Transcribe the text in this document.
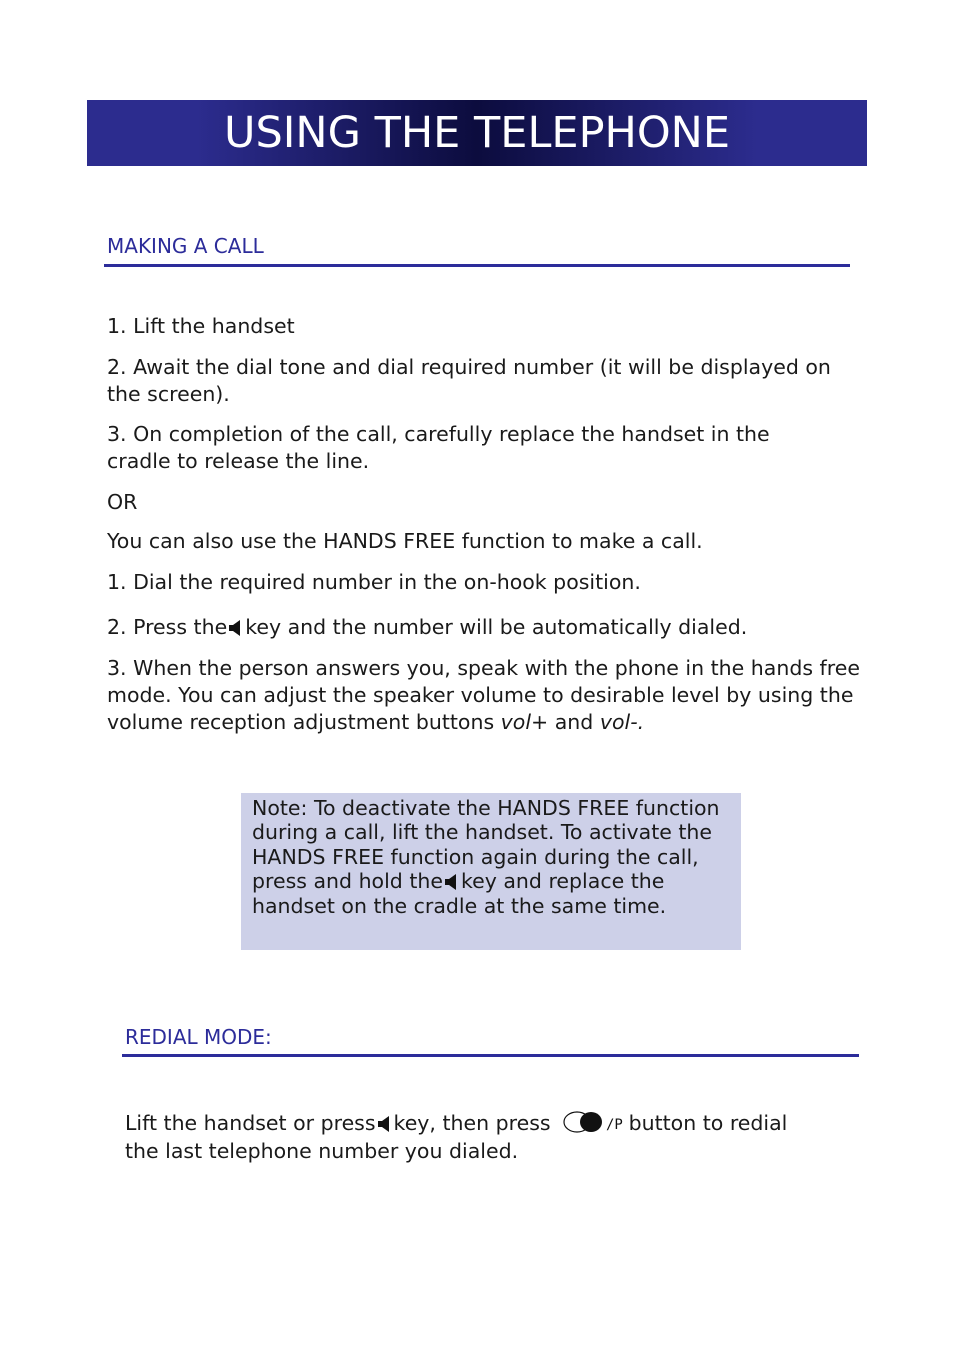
USING THE TELEPHONE
MAKING A CALL

1. Lift the handset

2. Await the dial tone and dial required number (it will be displayed on the screen).

3. On completion of the call, carefully replace the handset in the cradle to release the line.

OR

You can also use the HANDS FREE function to make a call.

1. Dial the required number in the on-hook position.

2. Press the key and the number will be automatically dialed.

3. When the person answers you, speak with the phone in the hands free mode. You can adjust the speaker volume to desirable level by using the volume reception adjustment buttons vol+ and vol-.

Note: To deactivate the HANDS FREE function during a call, lift the handset. To activate the HANDS FREE function again during the call, press and hold the key and replace the handset on the cradle at the same time.
REDIAL MODE:

Lift the handset or press key, then press	/P button to redial the last telephone number you dialed.
